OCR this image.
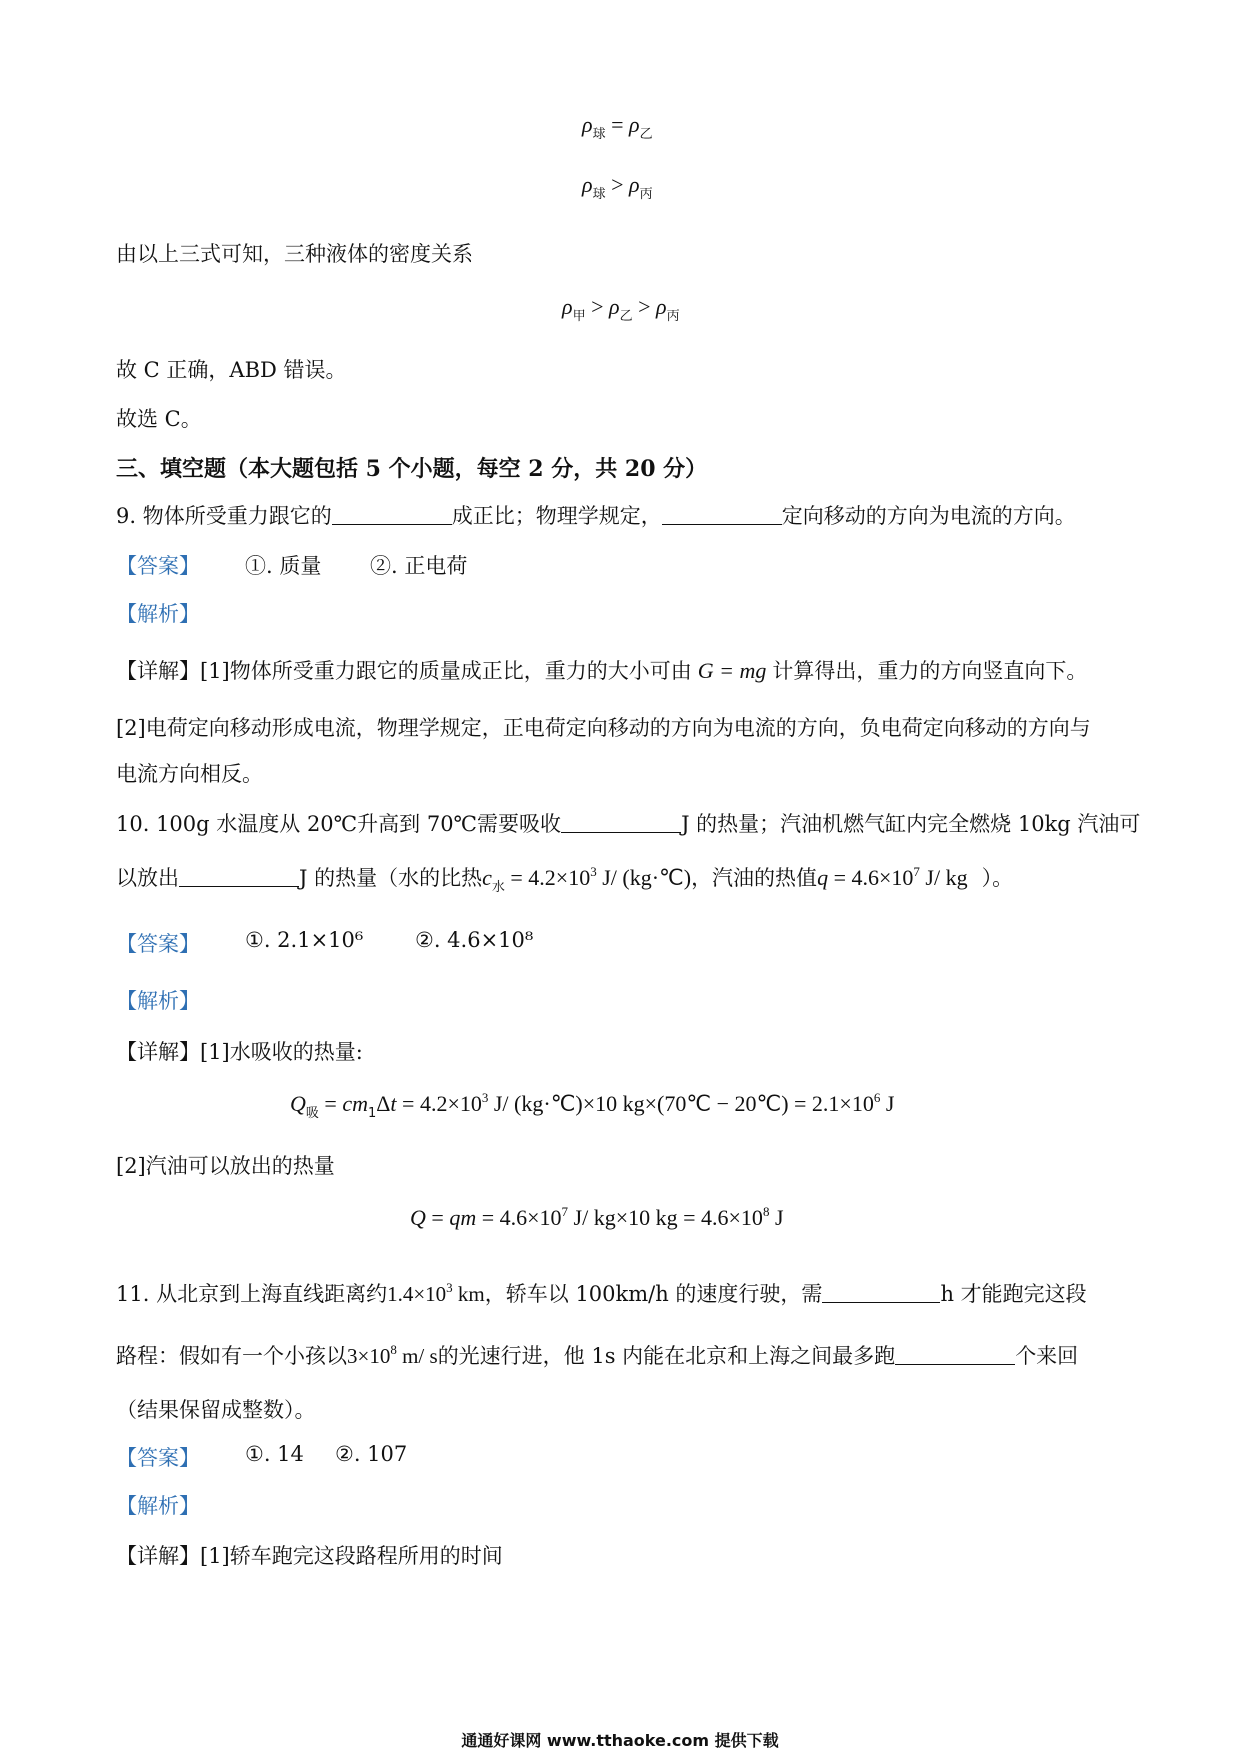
$\rho_球 = \rho_乙$
$\rho_球 > \rho_丙$
由以上三式可知，三种液体的密度关系
$\rho_甲 > \rho_乙 > \rho_丙$
故 C 正确，ABD 错误。
故选 C。
三、填空题（本大题包括 5 个小题，每空 2 分，共 20 分）
9. 物体所受重力跟它的	成正比；物理学规定，	定向移动的方向为电流的方向。
【答案】 ①. 质量 ②. 正电荷
【解析】
【详解】[1]物体所受重力跟它的质量成正比，重力的大小可由 G = mg 计算得出，重力的方向竖直向下。
[2]电荷定向移动形成电流，物理学规定，正电荷定向移动的方向为电流的方向，负电荷定向移动的方向与
电流方向相反。
10. 100g 水温度从 20℃升高到 70℃需要吸收	J 的热量；汽油机燃气缸内完全燃烧 10kg 汽油可
以放出	J 的热量（水的比热$c_水 = 4.2\times 10^3$ J/ (kg·℃)，汽油的热值$q = 4.6\times 10^7$ J/ kg ）。
【答案】 ①. 2.1×10⁶ ②. 4.6×10⁸
【解析】
【详解】[1]水吸收的热量:
$Q_吸 = cm_1\Delta t = 4.2\times 10^3$ J/ (kg·℃)×10 kg×(70℃ − 20℃) = $2.1\times 10^6$ J
[2]汽油可以放出的热量
Q = qm = $4.6\times 10^7$ J/ kg×10 kg = $4.6\times 10^8$ J
11. 从北京到上海直线距离约$1.4\times 10^3$ km，轿车以 100km/h 的速度行驶，需	h 才能跑完这段
路程：假如有一个小孩以$3\times 10^8$ m/ s的光速行进，他 1s 内能在北京和上海之间最多跑	个来回
（结果保留成整数）。
【答案】 ①. 14 ②. 107
【解析】
【详解】[1]轿车跑完这段路程所用的时间
通通好课网 www.tthaoke.com 提供下载
